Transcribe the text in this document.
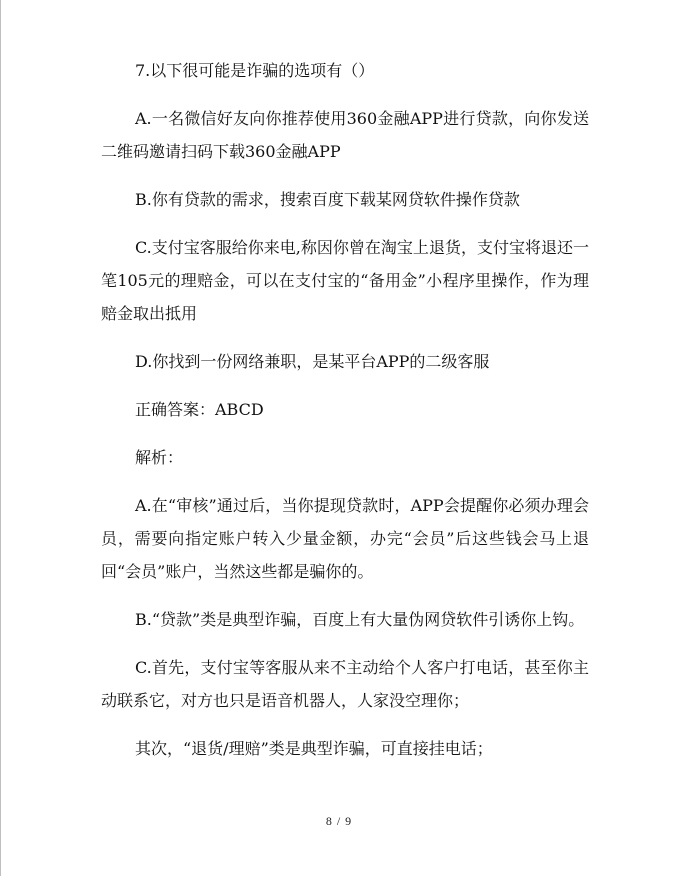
7.以下很可能是诈骗的选项有（）

A.一名微信好友向你推荐使用360金融APP进行贷款，向你发送二维码邀请扫码下载360金融APP

B.你有贷款的需求，搜索百度下载某网贷软件操作贷款

C.支付宝客服给你来电,称因你曾在淘宝上退货，支付宝将退还一笔105元的理赔金，可以在支付宝的“备用金”小程序里操作，作为理赔金取出抵用

D.你找到一份网络兼职，是某平台APP的二级客服

正确答案：ABCD

解析：

A.在“审核”通过后，当你提现贷款时，APP会提醒你必须办理会员，需要向指定账户转入少量金额，办完“会员”后这些钱会马上退回“会员”账户，当然这些都是骗你的。

B.“贷款”类是典型诈骗，百度上有大量伪网贷软件引诱你上钩。

C.首先，支付宝等客服从来不主动给个人客户打电话，甚至你主动联系它，对方也只是语音机器人，人家没空理你；

其次，“退货/理赔”类是典型诈骗，可直接挂电话；

8 / 9
